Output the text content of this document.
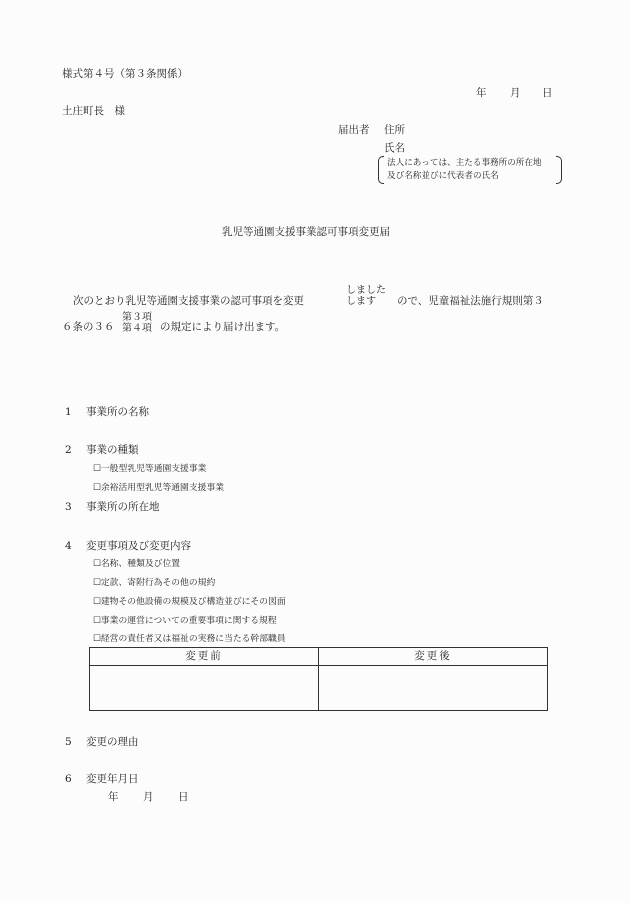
様式第４号（第３条関係）
年 月 日
土庄町長　様
届出者 住所
氏名
法人にあっては、主たる事務所の所在地
及び名称並びに代表者の氏名
乳児等通園支援事業認可事項変更届
次のとおり乳児等通園支援事業の認可事項を変更
しました
します	ので、児童福祉法施行規則第３
６条の３６
第３項
第４項 の規定により届け出ます。
1 事業所の名称
2 事業の種類
☐一般型乳児等通園支援事業
☐余裕活用型乳児等通園支援事業
3 事業所の所在地
4 変更事項及び変更内容
☐名称、種類及び位置
☐定款、寄附行為その他の規約
☐建物その他設備の規模及び構造並びにその図面
☐事業の運営についての重要事項に関する規程
☐経営の責任者又は福祉の実務に当たる幹部職員
変更前	変更後

5 変更の理由
6 変更年月日
年 月 日
